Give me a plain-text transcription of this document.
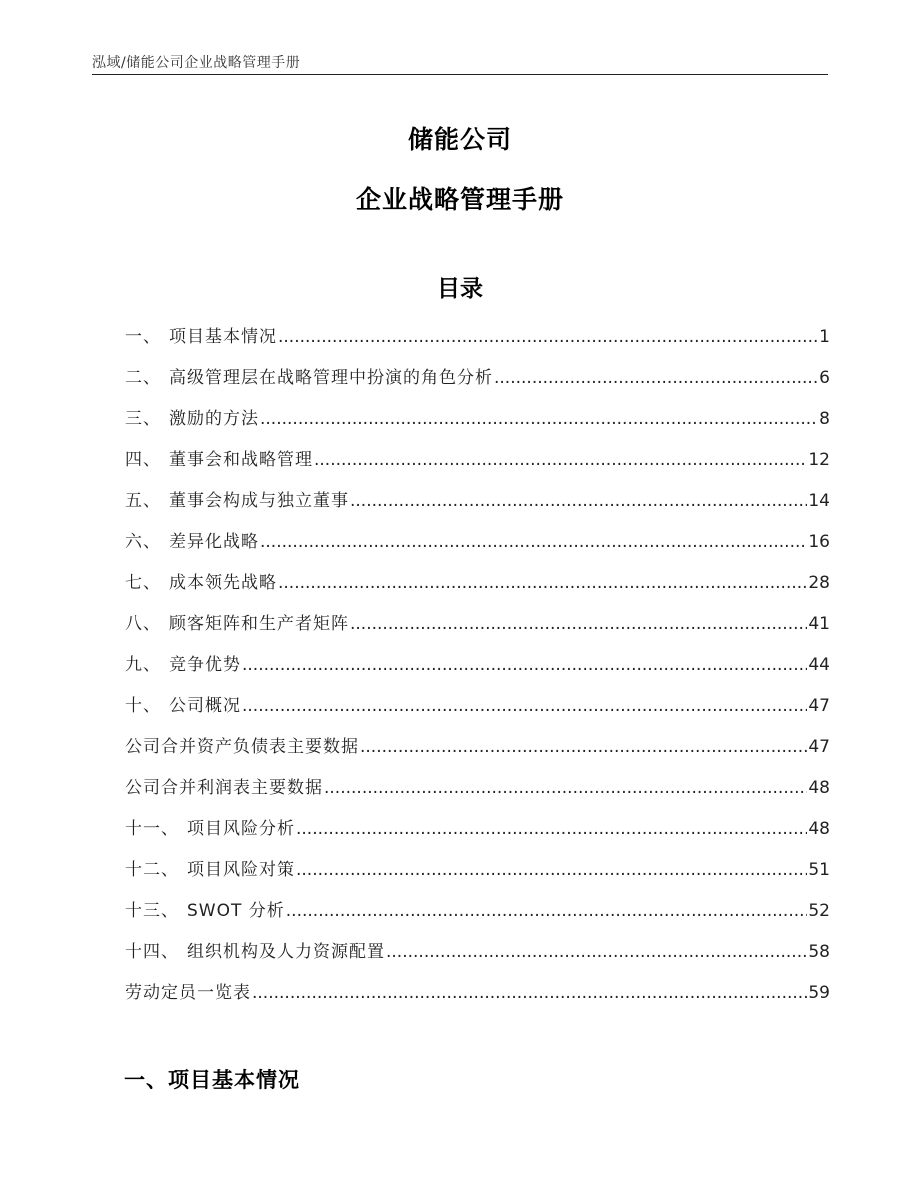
泓域/储能公司企业战略管理手册
储能公司
企业战略管理手册
目录
一、 项目基本情况 .....	1
二、 高级管理层在战略管理中扮演的角色分析 .....	6
三、 激励的方法 .....	8
四、 董事会和战略管理 .....	12
五、 董事会构成与独立董事 .....	14
六、 差异化战略 .....	16
七、 成本领先战略 .....	28
八、 顾客矩阵和生产者矩阵 .....	41
九、 竞争优势 .....	44
十、 公司概况 .....	47
公司合并资产负债表主要数据 .....	47
公司合并利润表主要数据 .....	48
十一、 项目风险分析 .....	48
十二、 项目风险对策 .....	51
十三、 SWOT 分析 .....	52
十四、 组织机构及人力资源配置 .....	58
劳动定员一览表 .....	59
一、项目基本情况
